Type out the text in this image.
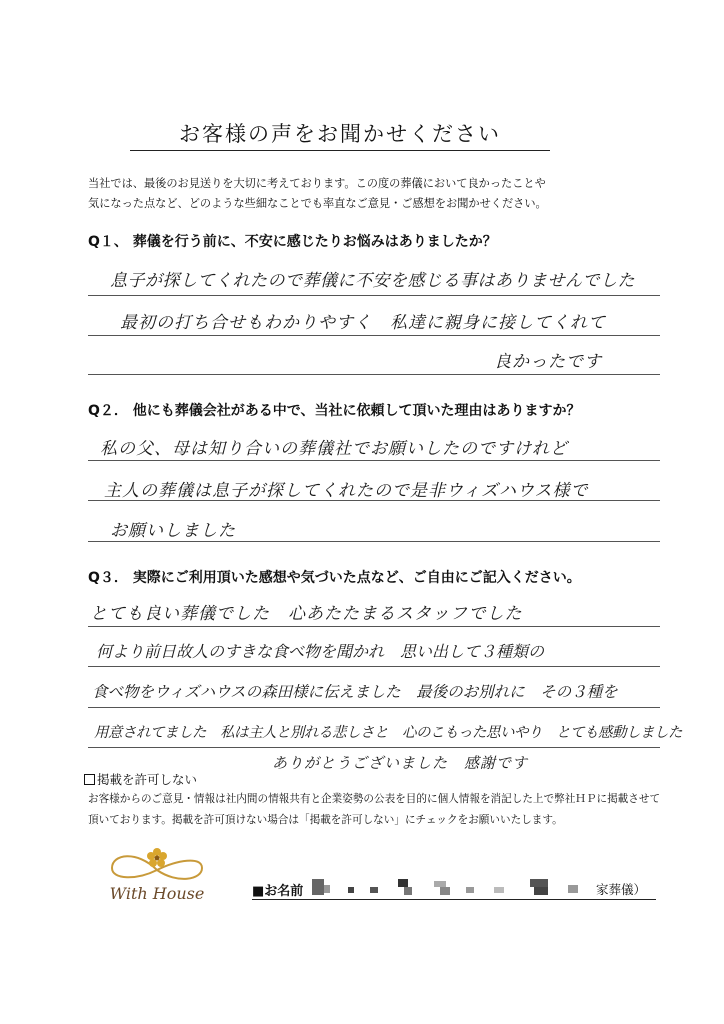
お客様の声をお聞かせください
当社では、最後のお見送りを大切に考えております。この度の葬儀において良かったことや
気になった点など、どのような些細なことでも率直なご意見・ご感想をお聞かせください。
Q１、 葬儀を行う前に、不安に感じたりお悩みはありましたか？
息子が探してくれたので葬儀に不安を感じる事はありませんでした
最初の打ち合せもわかりやすく　私達に親身に接してくれて
良かったです
Q２． 他にも葬儀会社がある中で、当社に依頼して頂いた理由はありますか？
私の父、母は知り合いの葬儀社でお願いしたのですけれど
主人の葬儀は息子が探してくれたので是非ウィズハウス様で
お願いしました
Q３． 実際にご利用頂いた感想や気づいた点など、ご自由にご記入ください。
とても良い葬儀でした　心あたたまるスタッフでした
何より前日故人のすきな食べ物を聞かれ　思い出して３種類の
食べ物をウィズハウスの森田様に伝えました　最後のお別れに　その３種を
用意されてました　私は主人と別れる悲しさと　心のこもった思いやり　とても感動しました
ありがとうございました　感謝です
掲載を許可しない
お客様からのご意見・情報は社内間の情報共有と企業姿勢の公表を目的に個人情報を消記した上で弊社ＨＰに掲載させて
頂いております。掲載を許可頂けない場合は「掲載を許可しない」にチェックをお願いいたします。
With House	■お名前	家葬儀）
